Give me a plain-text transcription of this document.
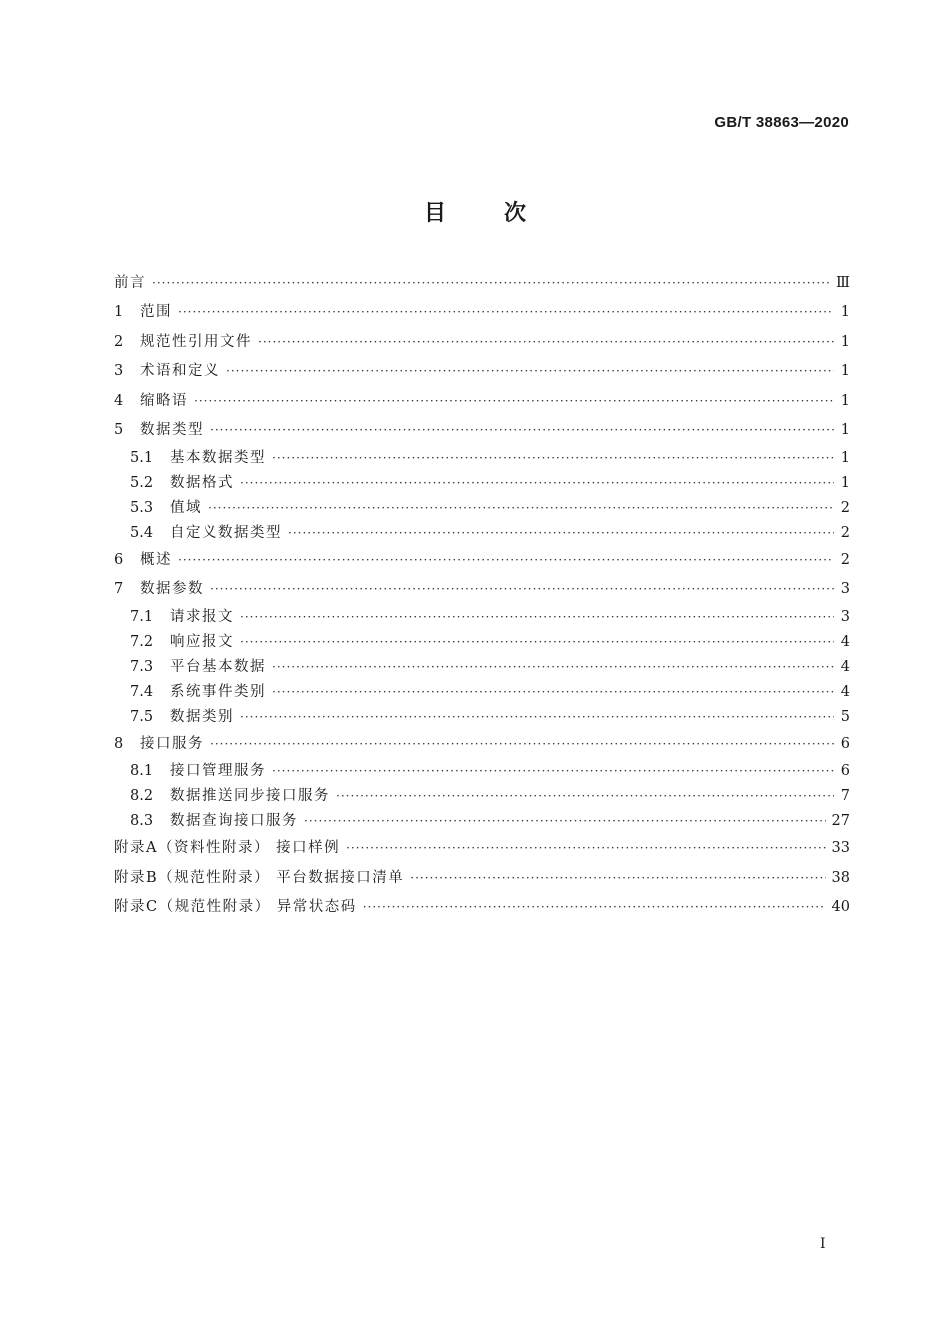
GB/T 38863—2020
目次
前言 ·····	Ⅲ
1	范围 ·····	1
2	规范性引用文件 ·····	1
3	术语和定义 ·····	1
4	缩略语 ·····	1
5	数据类型 ·····	1
5.1	基本数据类型 ·····	1
5.2	数据格式 ·····	1
5.3	值域 ·····	2
5.4	自定义数据类型 ·····	2
6	概述 ·····	2
7	数据参数 ·····	3
7.1	请求报文 ·····	3
7.2	响应报文 ·····	4
7.3	平台基本数据 ·····	4
7.4	系统事件类别 ·····	4
7.5	数据类别 ·····	5
8	接口服务 ·····	6
8.1	接口管理服务 ·····	6
8.2	数据推送同步接口服务 ·····	7
8.3	数据查询接口服务 ·····	27
附录A（资料性附录） 接口样例 ·····	33
附录B（规范性附录） 平台数据接口清单 ·····	38
附录C（规范性附录） 异常状态码 ·····	40
I
